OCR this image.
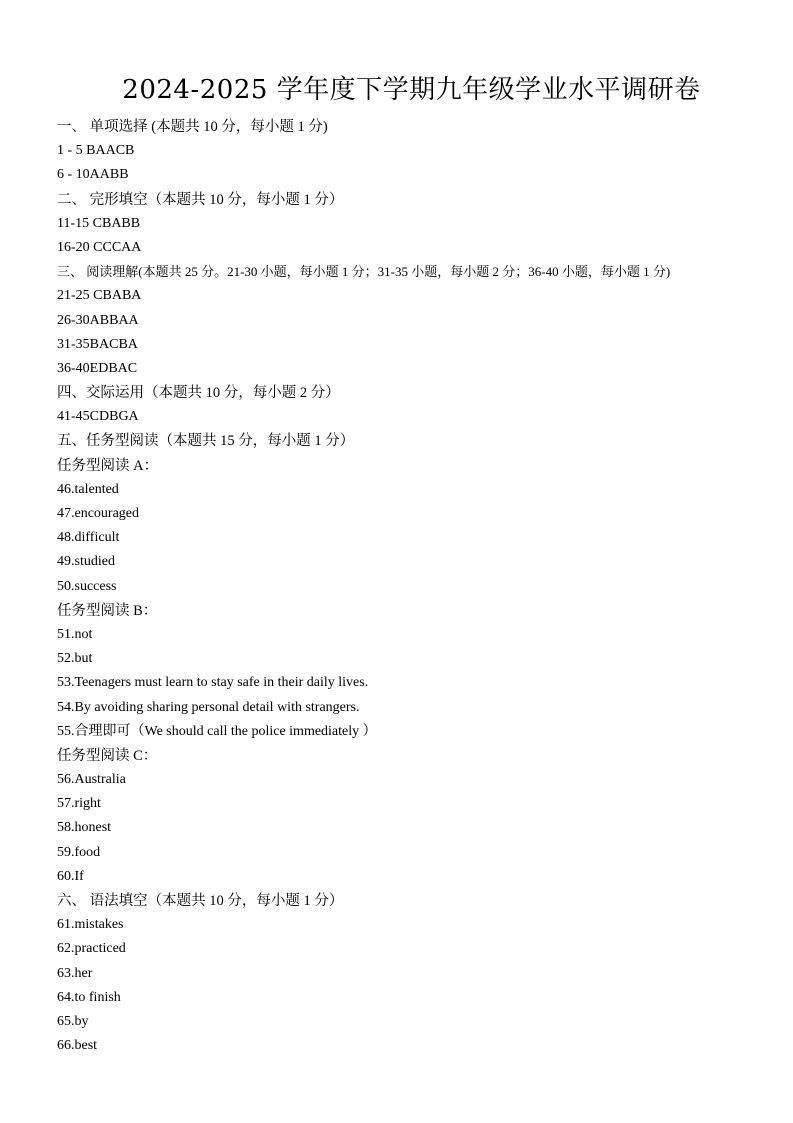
2024-2025 学年度下学期九年级学业水平调研卷
一、 单项选择 (本题共 10 分，每小题 1 分)
1 - 5 BAACB
6 - 10AABB
二、 完形填空（本题共 10 分，每小题 1 分）
11-15 CBABB
16-20 CCCAA
三、 阅读理解(本题共 25 分。21-30 小题，每小题 1 分；31-35 小题，每小题 2 分；36-40 小题，每小题 1 分)
21-25 CBABA
26-30ABBAA
31-35BACBA
36-40EDBAC
四、交际运用（本题共 10 分，每小题 2 分）
41-45CDBGA
五、任务型阅读（本题共 15 分，每小题 1 分）
任务型阅读 A：
46.talented
47.encouraged
48.difficult
49.studied
50.success
任务型阅读 B：
51.not
52.but
53.Teenagers must learn to stay safe in their daily lives.
54.By avoiding sharing personal detail with strangers.
55.合理即可（We should call the police immediately ）
任务型阅读 C：
56.Australia
57.right
58.honest
59.food
60.If
六、 语法填空（本题共 10 分，每小题 1 分）
61.mistakes
62.practiced
63.her
64.to finish
65.by
66.best
